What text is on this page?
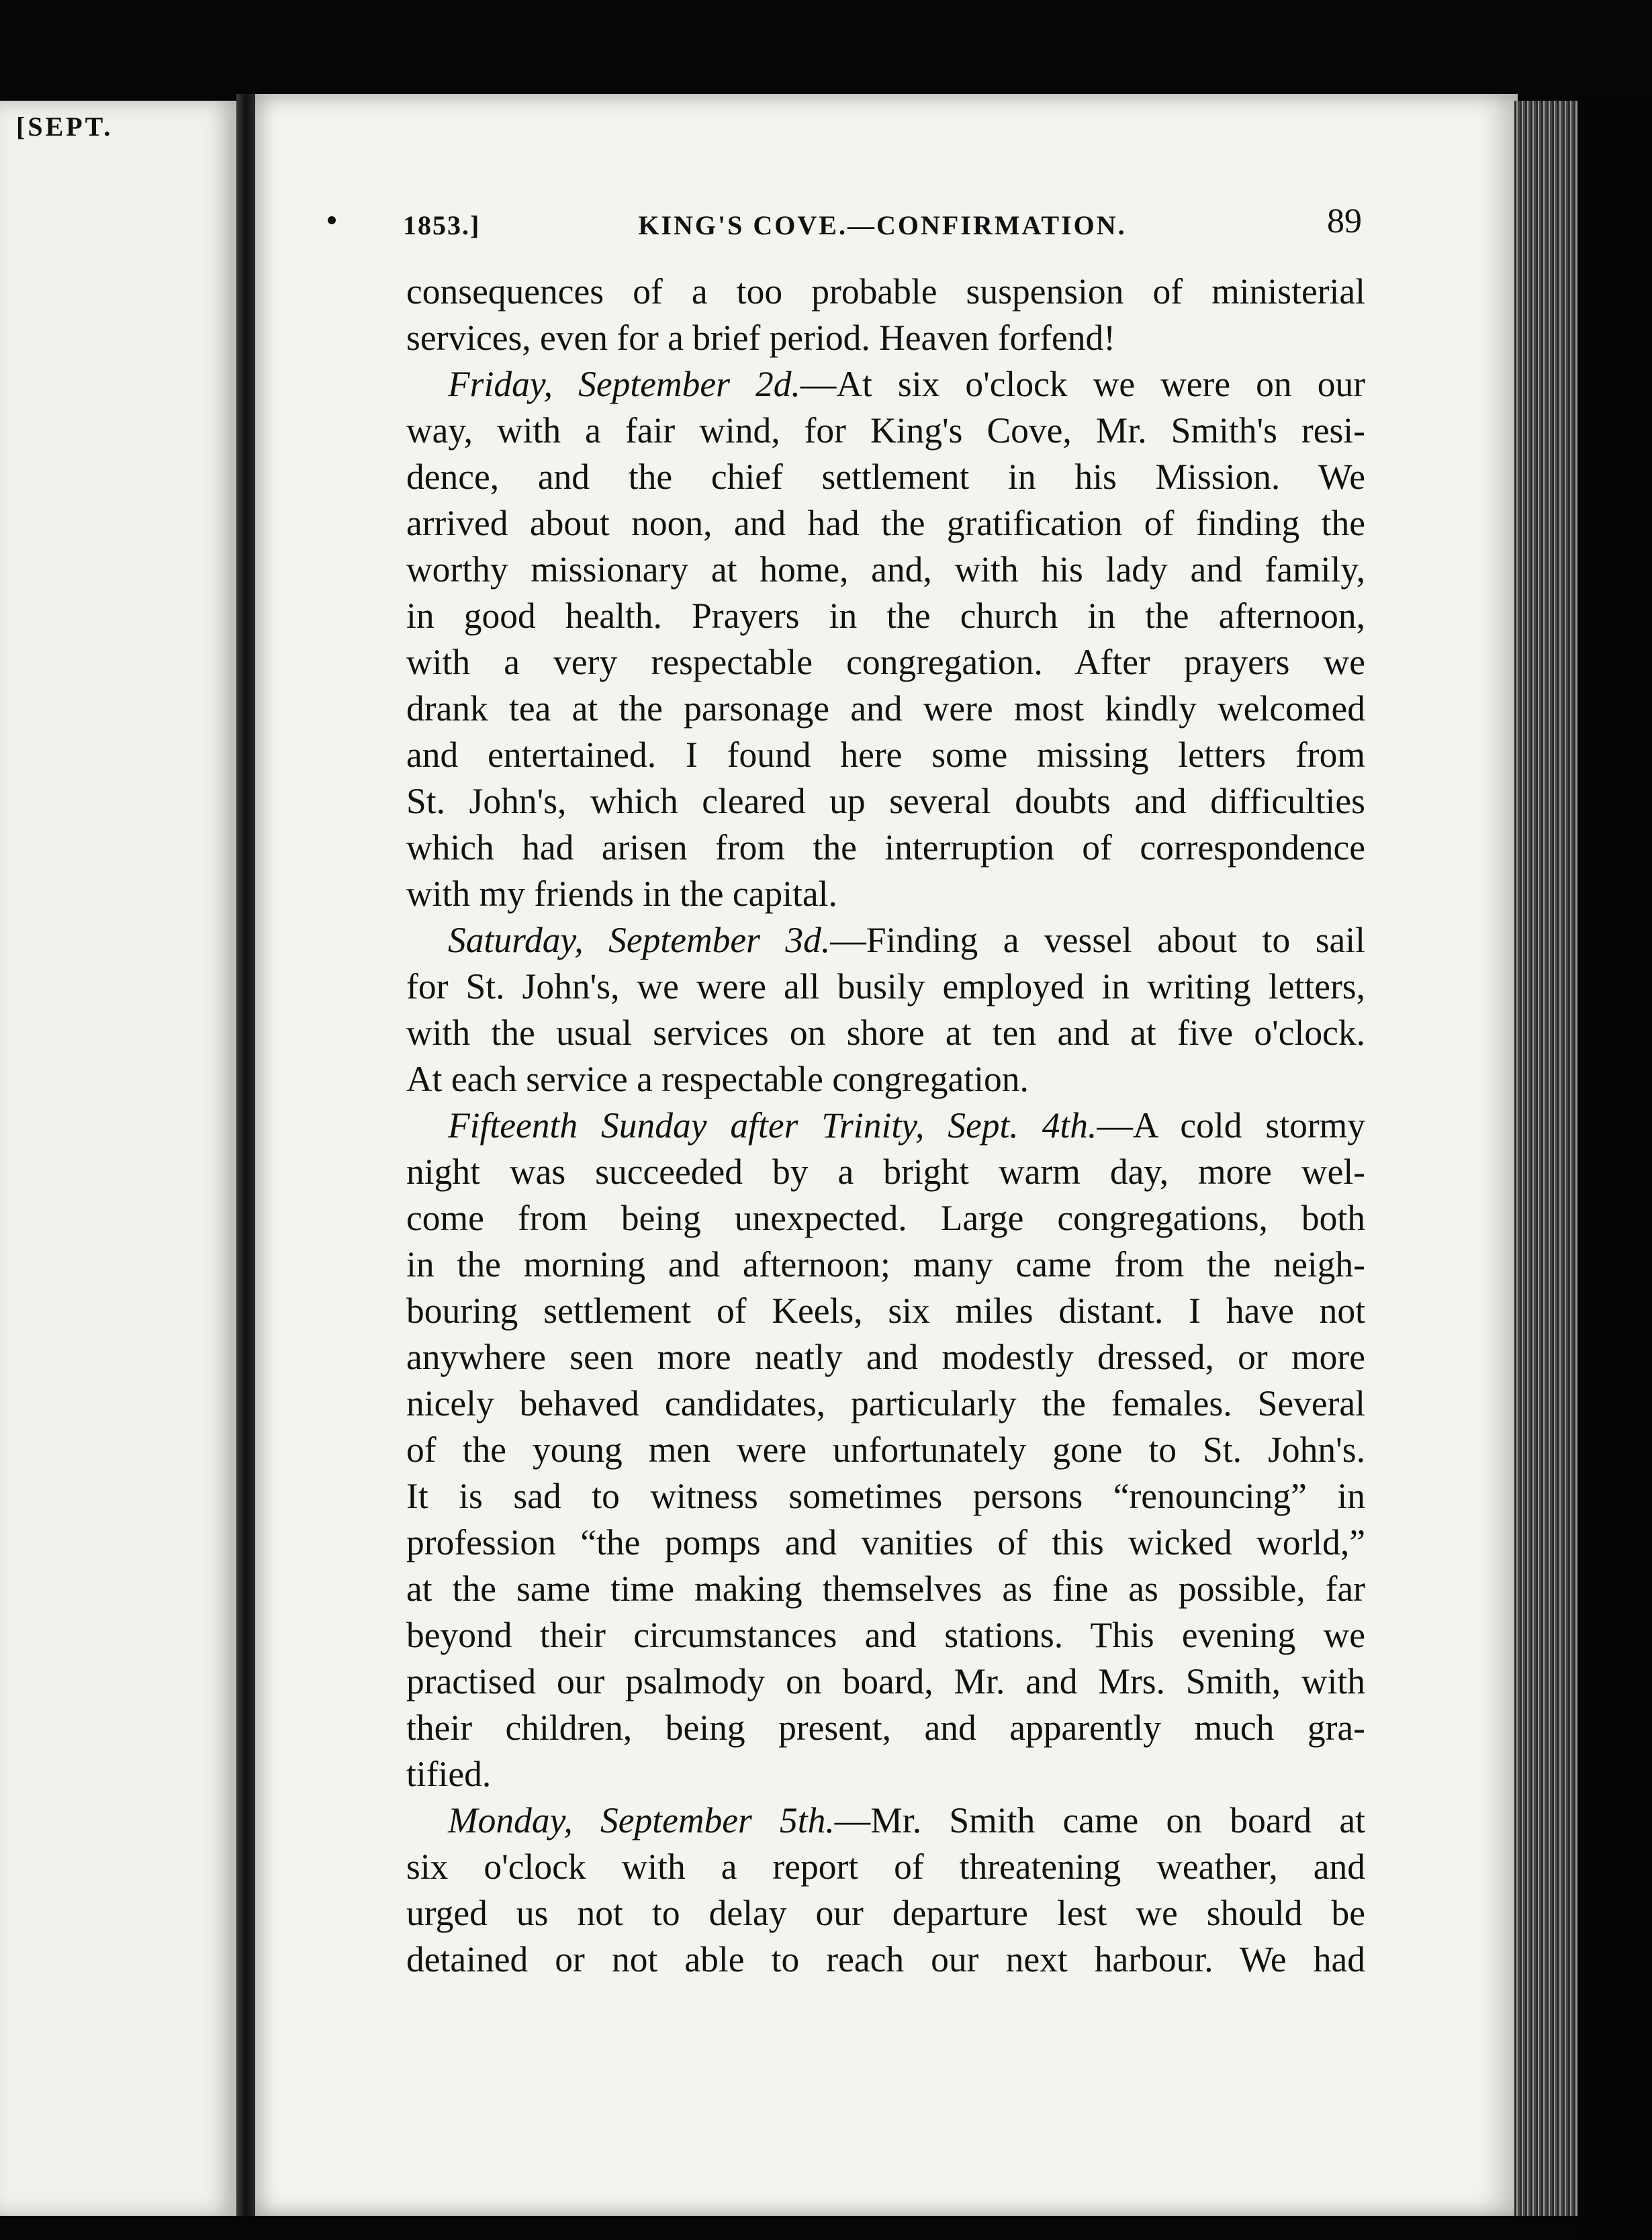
[SEPT.

1853.]	KING'S COVE.—CONFIRMATION.	89
consequences of a too probable suspension of ministerial
services, even for a brief period. Heaven forfend!
Friday, September 2d.—At six o'clock we were on our
way, with a fair wind, for King's Cove, Mr. Smith's resi-
dence, and the chief settlement in his Mission. We
arrived about noon, and had the gratification of finding the
worthy missionary at home, and, with his lady and family,
in good health. Prayers in the church in the afternoon,
with a very respectable congregation. After prayers we
drank tea at the parsonage and were most kindly welcomed
and entertained. I found here some missing letters from
St. John's, which cleared up several doubts and difficulties
which had arisen from the interruption of correspondence
with my friends in the capital.
Saturday, September 3d.—Finding a vessel about to sail
for St. John's, we were all busily employed in writing letters,
with the usual services on shore at ten and at five o'clock.
At each service a respectable congregation.
Fifteenth Sunday after Trinity, Sept. 4th.—A cold stormy
night was succeeded by a bright warm day, more wel-
come from being unexpected. Large congregations, both
in the morning and afternoon; many came from the neigh-
bouring settlement of Keels, six miles distant. I have not
anywhere seen more neatly and modestly dressed, or more
nicely behaved candidates, particularly the females. Several
of the young men were unfortunately gone to St. John's.
It is sad to witness sometimes persons “renouncing” in
profession “the pomps and vanities of this wicked world,”
at the same time making themselves as fine as possible, far
beyond their circumstances and stations. This evening we
practised our psalmody on board, Mr. and Mrs. Smith, with
their children, being present, and apparently much gra-
tified.
Monday, September 5th.—Mr. Smith came on board at
six o'clock with a report of threatening weather, and
urged us not to delay our departure lest we should be
detained or not able to reach our next harbour. We had
